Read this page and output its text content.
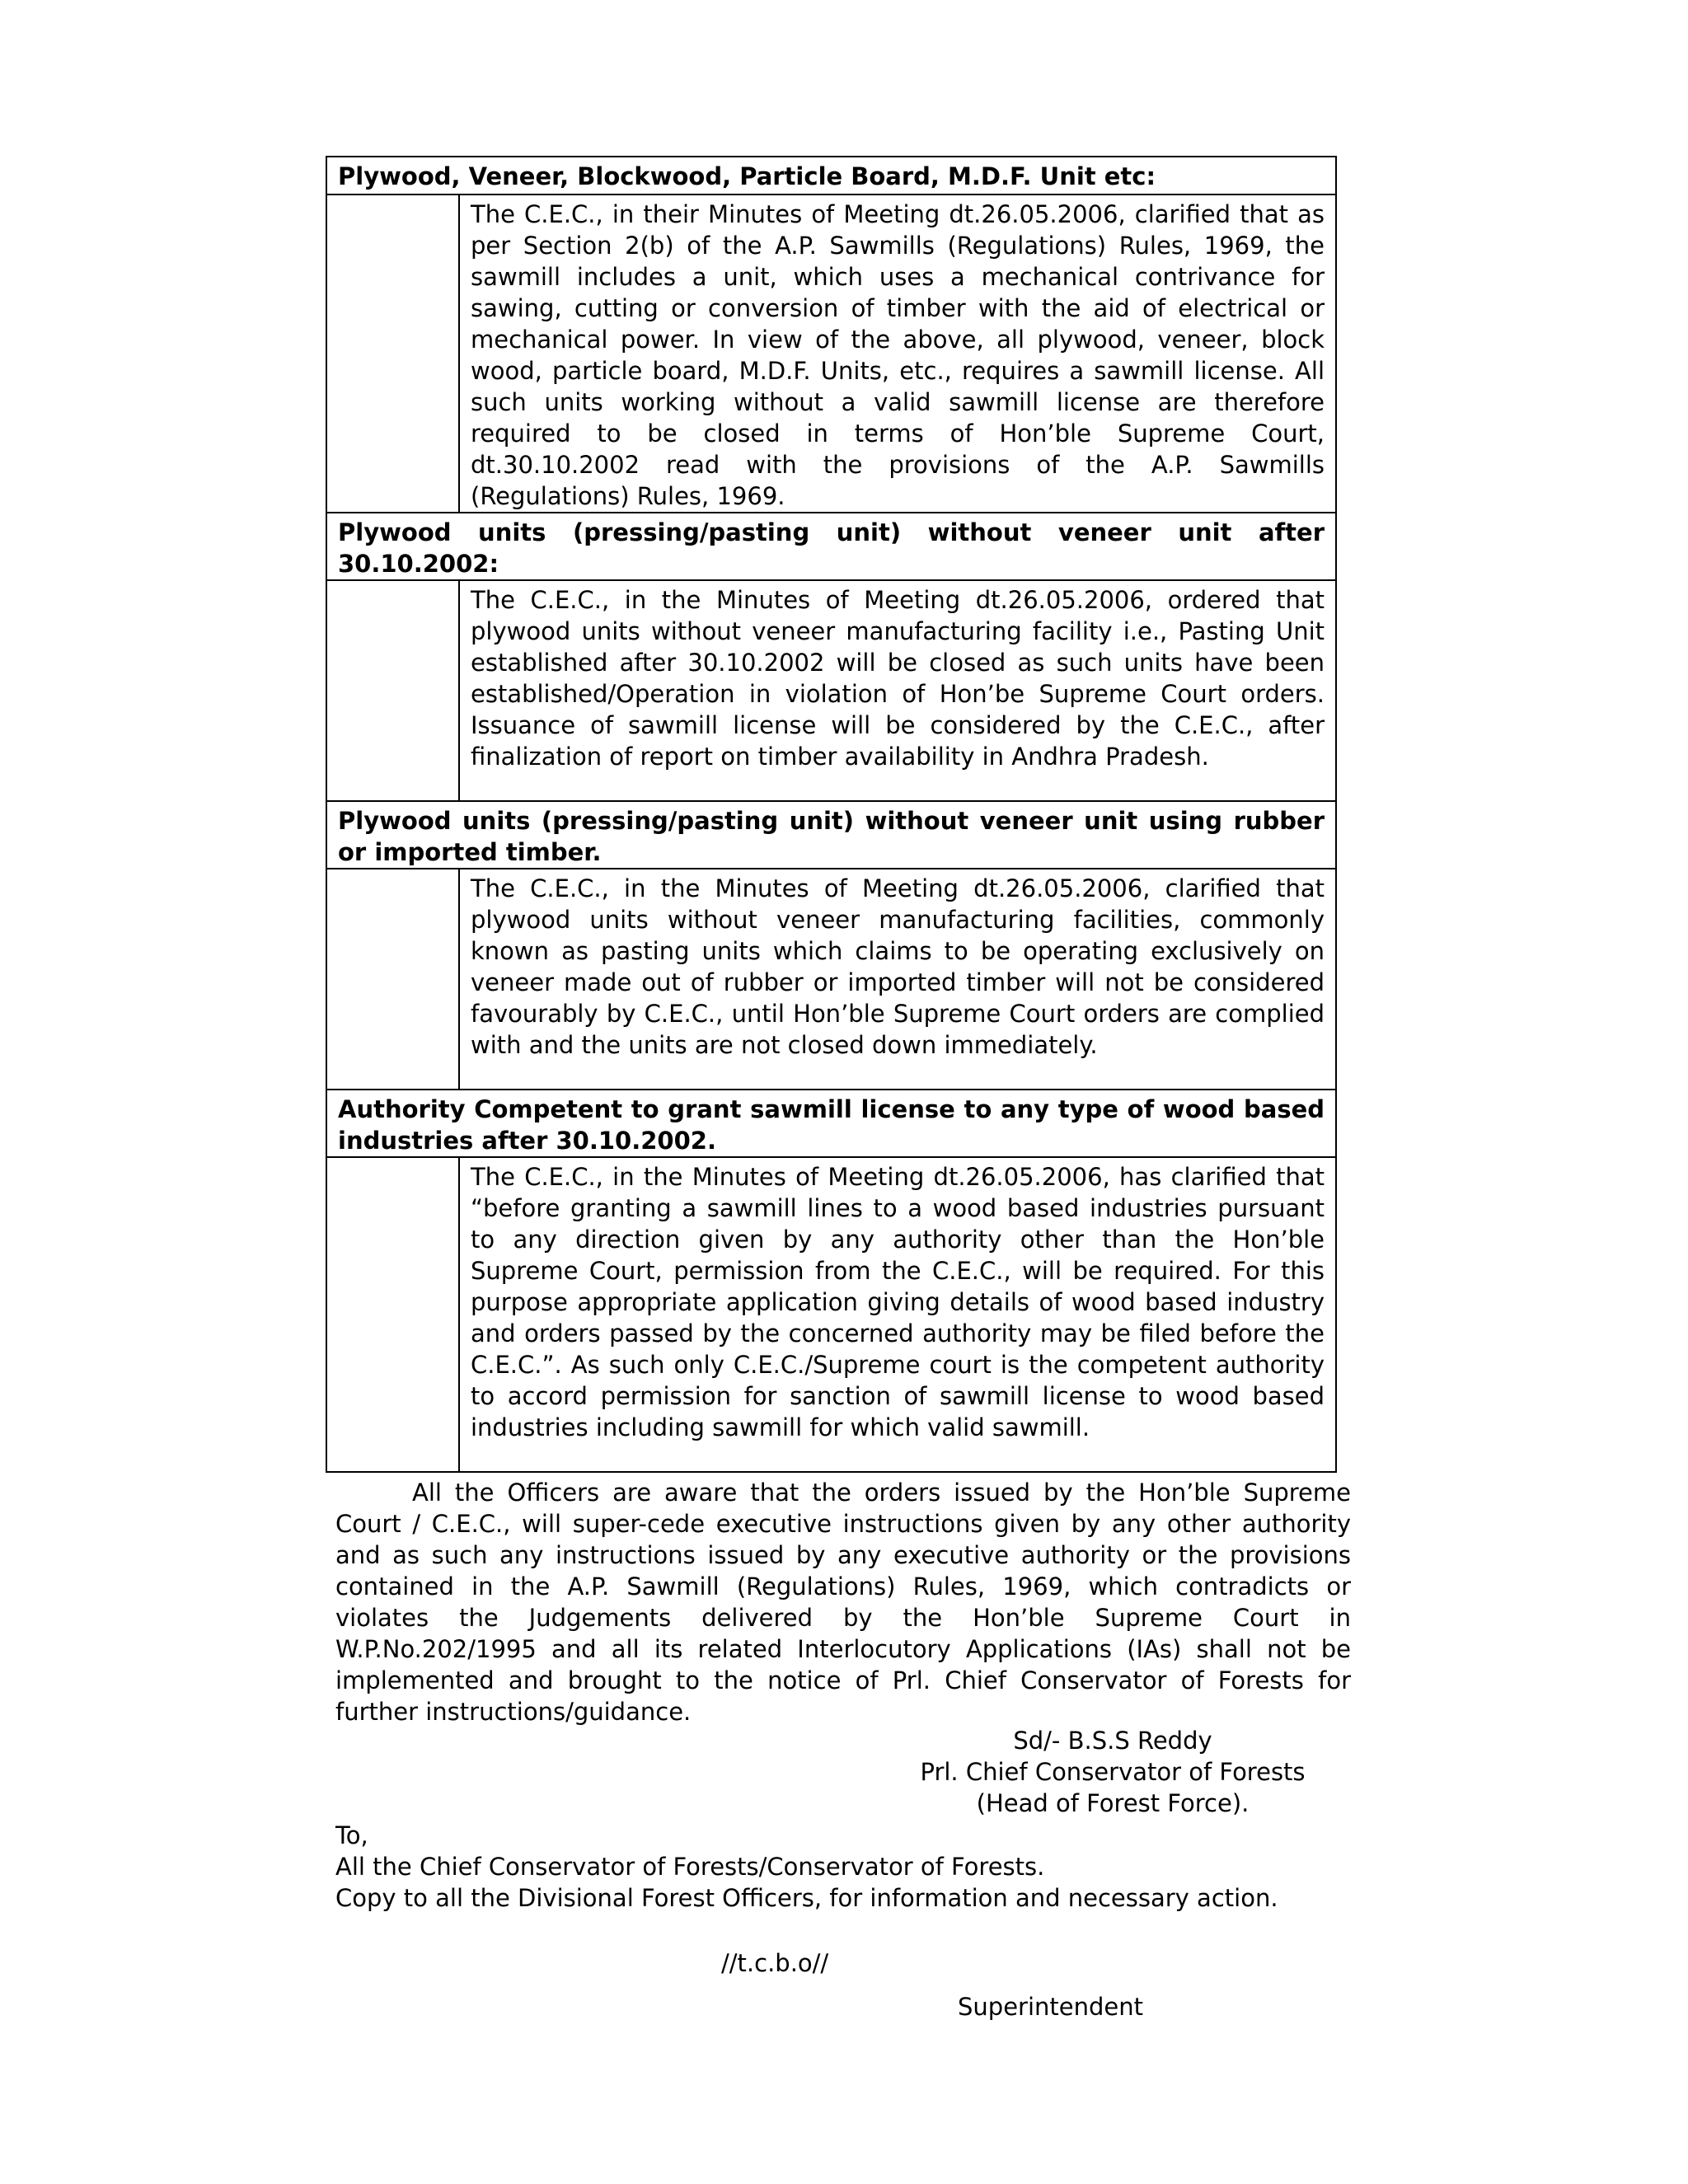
Plywood, Veneer, Blockwood, Particle Board, M.D.F. Unit etc:	
	The C.E.C., in their Minutes of Meeting dt.26.05.2006, clarified that as per Section 2(b) of the A.P. Sawmills (Regulations) Rules, 1969, the sawmill includes a unit, which uses a mechanical contrivance for sawing, cutting or conversion of timber with the aid of electrical or mechanical power. In view of the above, all plywood, veneer, block wood, particle board, M.D.F. Units, etc., requires a sawmill license. All such units working without a valid sawmill license are therefore required to be closed in terms of Hon’ble Supreme Court, dt.30.10.2002 read with the provisions of the A.P. Sawmills (Regulations) Rules, 1969.
Plywood units (pressing/pasting unit) without veneer unit after 30.10.2002:	
	The C.E.C., in the Minutes of Meeting dt.26.05.2006, ordered that plywood units without veneer manufacturing facility i.e., Pasting Unit established after 30.10.2002 will be closed as such units have been established/Operation in violation of Hon’be Supreme Court orders. Issuance of sawmill license will be considered by the C.E.C., after finalization of report on timber availability in Andhra Pradesh.
Plywood units (pressing/pasting unit) without veneer unit using rubber or imported timber.	
	The C.E.C., in the Minutes of Meeting dt.26.05.2006, clarified that plywood units without veneer manufacturing facilities, commonly known as pasting units which claims to be operating exclusively on veneer made out of rubber or imported timber will not be considered favourably by C.E.C., until Hon’ble Supreme Court orders are complied with and the units are not closed down immediately.
Authority Competent to grant sawmill license to any type of wood based industries after 30.10.2002.	
	The C.E.C., in the Minutes of Meeting dt.26.05.2006, has clarified that “before granting a sawmill lines to a wood based industries pursuant to any direction given by any authority other than the Hon’ble Supreme Court, permission from the C.E.C., will be required. For this purpose appropriate application giving details of wood based industry and orders passed by the concerned authority may be filed before the C.E.C.”. As such only C.E.C./Supreme court is the competent authority to accord permission for sanction of sawmill license to wood based industries including sawmill for which valid sawmill.

All the Officers are aware that the orders issued by the Hon’ble Supreme Court / C.E.C., will super-cede executive instructions given by any other authority and as such any instructions issued by any executive authority or the provisions contained in the A.P. Sawmill (Regulations) Rules, 1969, which contradicts or violates the Judgements delivered by the Hon’ble Supreme Court in W.P.No.202/1995 and all its related Interlocutory Applications (IAs) shall not be implemented and brought to the notice of Prl. Chief Conservator of Forests for further instructions/guidance.

Sd/- B.S.S Reddy
Prl. Chief Conservator of Forests
(Head of Forest Force).
To,
All the Chief Conservator of Forests/Conservator of Forests.
Copy to all the Divisional Forest Officers, for information and necessary action.
//t.c.b.o//
Superintendent
